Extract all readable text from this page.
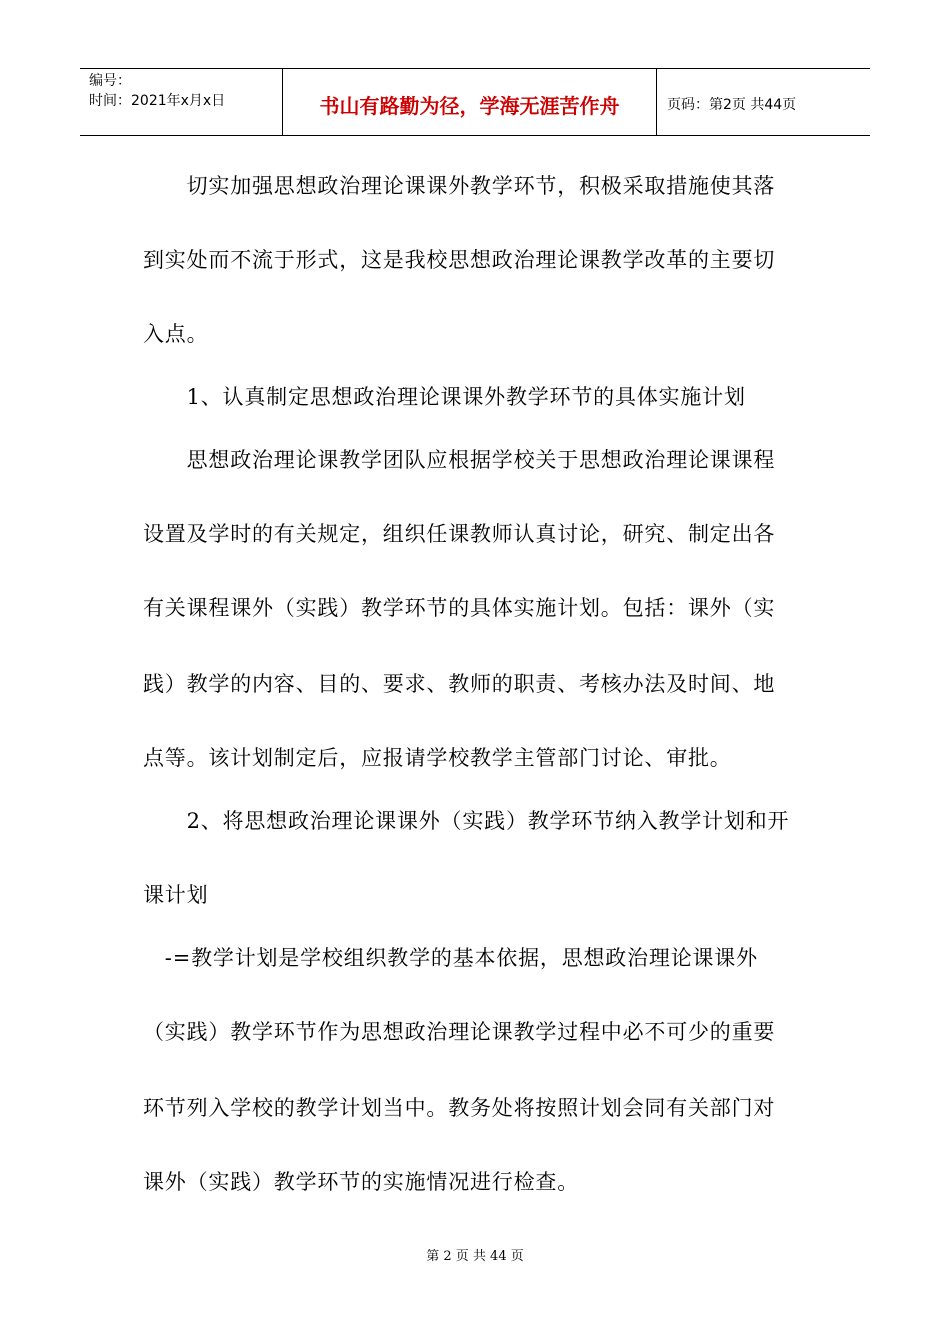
编号：
时间：2021年x月x日	书山有路勤为径，学海无涯苦作舟	页码：第2页 共44页
　　切实加强思想政治理论课课外教学环节，积极采取措施使其落
到实处而不流于形式，这是我校思想政治理论课教学改革的主要切
入点。
　　1、认真制定思想政治理论课课外教学环节的具体实施计划
　　思想政治理论课教学团队应根据学校关于思想政治理论课课程
设置及学时的有关规定，组织任课教师认真讨论，研究、制定出各
有关课程课外（实践）教学环节的具体实施计划。包括：课外（实
践）教学的内容、目的、要求、教师的职责、考核办法及时间、地
点等。该计划制定后，应报请学校教学主管部门讨论、审批。
　　2、将思想政治理论课课外（实践）教学环节纳入教学计划和开
课计划
　-=教学计划是学校组织教学的基本依据，思想政治理论课课外
（实践）教学环节作为思想政治理论课教学过程中必不可少的重要
环节列入学校的教学计划当中。教务处将按照计划会同有关部门对
课外（实践）教学环节的实施情况进行检查。
第 2 页 共 44 页
